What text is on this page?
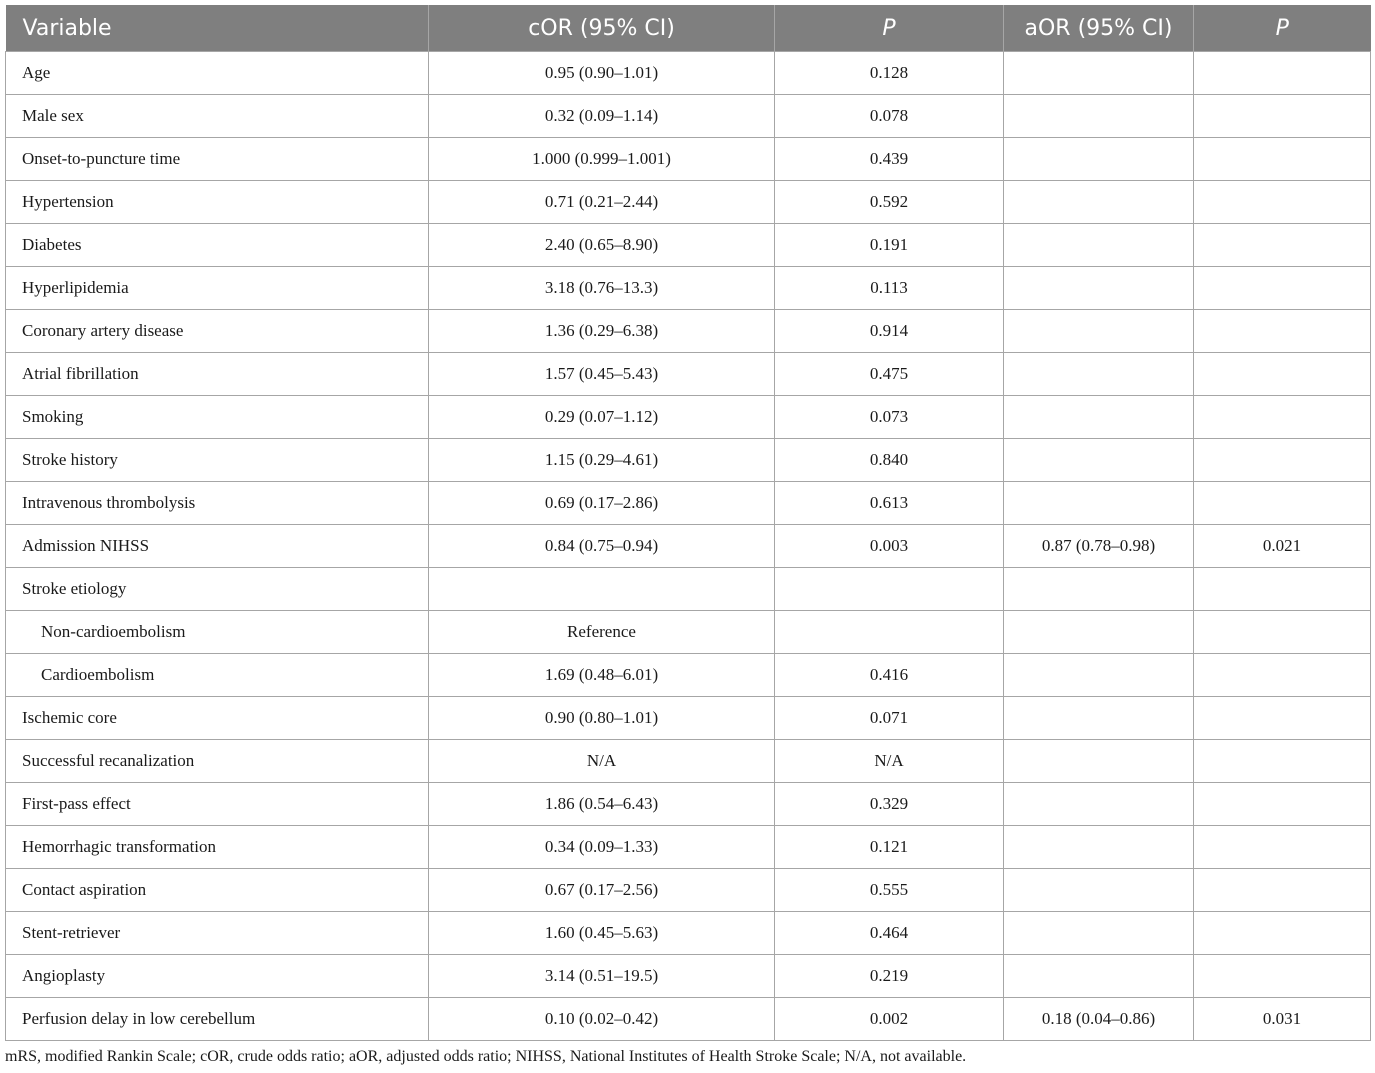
Variable	cOR (95% CI)	P	aOR (95% CI)	P
Age	0.95 (0.90–1.01)	0.128		
Male sex	0.32 (0.09–1.14)	0.078		
Onset-to-puncture time	1.000 (0.999–1.001)	0.439		
Hypertension	0.71 (0.21–2.44)	0.592		
Diabetes	2.40 (0.65–8.90)	0.191		
Hyperlipidemia	3.18 (0.76–13.3)	0.113		
Coronary artery disease	1.36 (0.29–6.38)	0.914		
Atrial fibrillation	1.57 (0.45–5.43)	0.475		
Smoking	0.29 (0.07–1.12)	0.073		
Stroke history	1.15 (0.29–4.61)	0.840		
Intravenous thrombolysis	0.69 (0.17–2.86)	0.613		
Admission NIHSS	0.84 (0.75–0.94)	0.003	0.87 (0.78–0.98)	0.021
Stroke etiology				
Non-cardioembolism	Reference			
Cardioembolism	1.69 (0.48–6.01)	0.416		
Ischemic core	0.90 (0.80–1.01)	0.071		
Successful recanalization	N/A	N/A		
First-pass effect	1.86 (0.54–6.43)	0.329		
Hemorrhagic transformation	0.34 (0.09–1.33)	0.121		
Contact aspiration	0.67 (0.17–2.56)	0.555		
Stent-retriever	1.60 (0.45–5.63)	0.464		
Angioplasty	3.14 (0.51–19.5)	0.219		
Perfusion delay in low cerebellum	0.10 (0.02–0.42)	0.002	0.18 (0.04–0.86)	0.031
mRS, modified Rankin Scale; cOR, crude odds ratio; aOR, adjusted odds ratio; NIHSS, National Institutes of Health Stroke Scale; N/A, not available.
